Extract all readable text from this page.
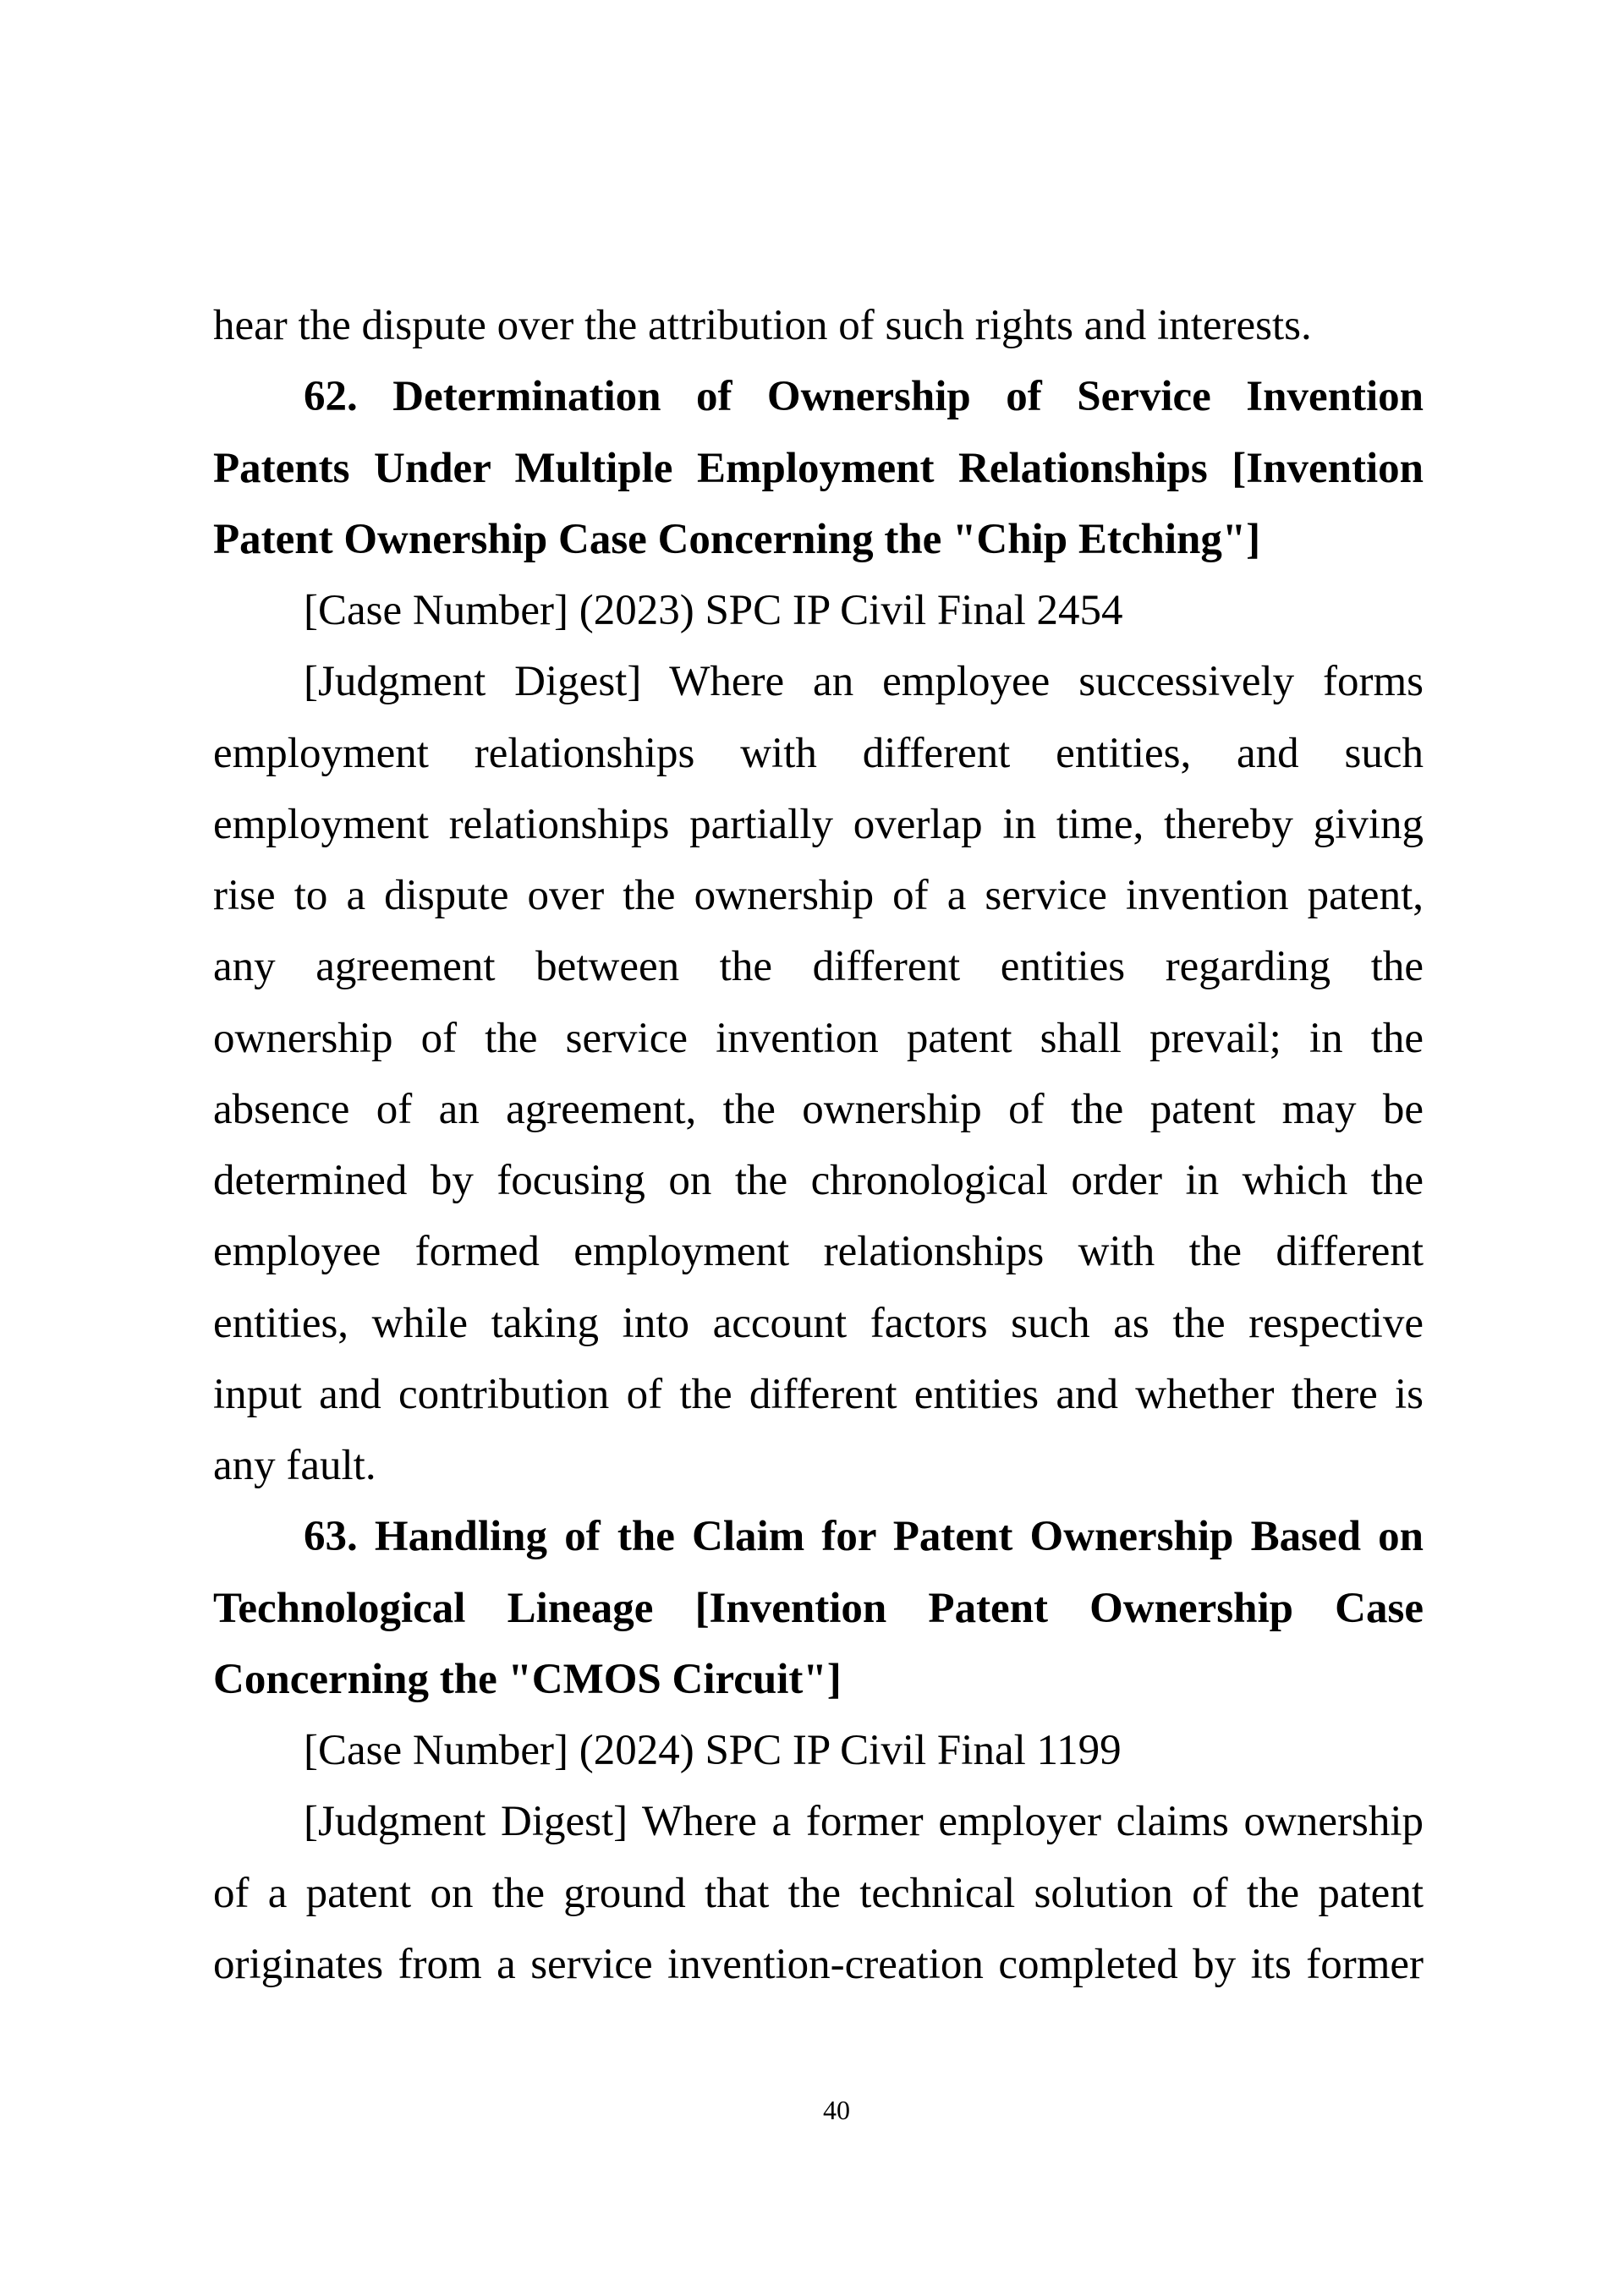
hear the dispute over the attribution of such rights and interests.
62. Determination of Ownership of Service Invention
Patents Under Multiple Employment Relationships [Invention
Patent Ownership Case Concerning the "Chip Etching"]
[Case Number] (2023) SPC IP Civil Final 2454
[Judgment Digest] Where an employee successively forms
employment relationships with different entities, and such
employment relationships partially overlap in time, thereby giving
rise to a dispute over the ownership of a service invention patent,
any agreement between the different entities regarding the
ownership of the service invention patent shall prevail; in the
absence of an agreement, the ownership of the patent may be
determined by focusing on the chronological order in which the
employee formed employment relationships with the different
entities, while taking into account factors such as the respective
input and contribution of the different entities and whether there is
any fault.
63. Handling of the Claim for Patent Ownership Based on
Technological Lineage [Invention Patent Ownership Case
Concerning the "CMOS Circuit"]
[Case Number] (2024) SPC IP Civil Final 1199
[Judgment Digest] Where a former employer claims ownership
of a patent on the ground that the technical solution of the patent
originates from a service invention-creation completed by its former
40
